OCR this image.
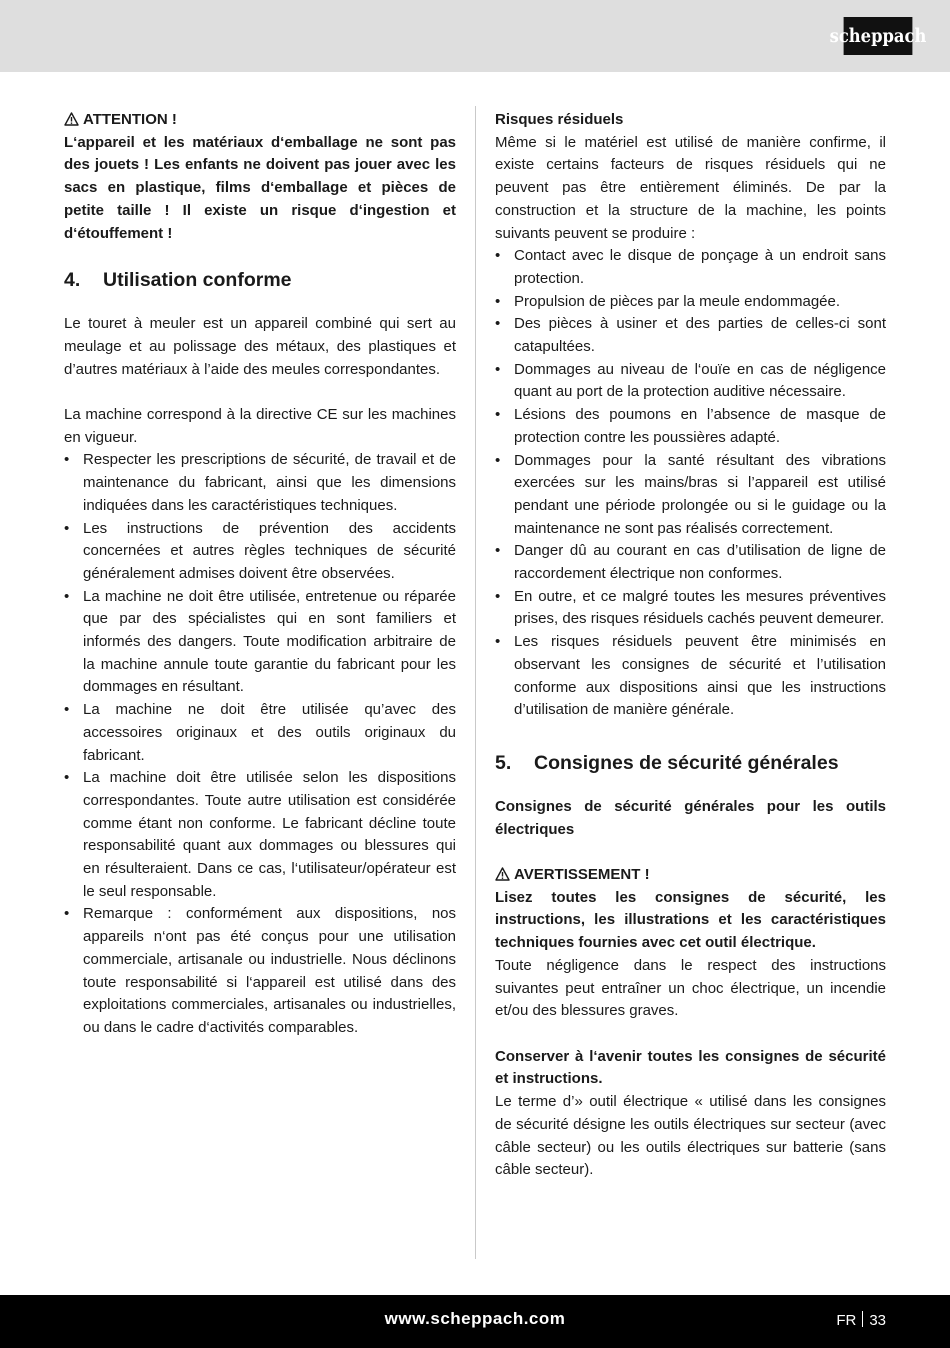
scheppach

ATTENTION !

L‘appareil et les matériaux d‘emballage ne sont pas des jouets ! Les enfants ne doivent pas jouer avec les sacs en plastique, films d‘emballage et pièces de petite taille ! Il existe un risque d‘ingestion et d‘étouffement !

4.	Utilisation conforme

Le touret à meuler est un appareil combiné qui sert au meulage et au polissage des métaux, des plastiques et d’autres matériaux à l’aide des meules correspondantes.

La machine correspond à la directive CE sur les machines en vigueur.

• Respecter les prescriptions de sécurité, de travail et de maintenance du fabricant, ainsi que les dimensions indiquées dans les caractéristiques techniques.
• Les instructions de prévention des accidents concernées et autres règles techniques de sécurité généralement admises doivent être observées.
• La machine ne doit être utilisée, entretenue ou réparée que par des spécialistes qui en sont familiers et informés des dangers. Toute modification arbitraire de la machine annule toute garantie du fabricant pour les dommages en résultant.
• La machine ne doit être utilisée qu’avec des accessoires originaux et des outils originaux du fabricant.
• La machine doit être utilisée selon les dispositions correspondantes. Toute autre utilisation est considérée comme étant non conforme. Le fabricant décline toute responsabilité quant aux dommages ou blessures qui en résulteraient. Dans ce cas, l‘utilisateur/opérateur est le seul responsable.
• Remarque : conformément aux dispositions, nos appareils n‘ont pas été conçus pour une utilisation commerciale, artisanale ou industrielle. Nous déclinons toute responsabilité si l‘appareil est utilisé dans des exploitations commerciales, artisanales ou industrielles, ou dans le cadre d‘activités comparables.

Risques résiduels

Même si le matériel est utilisé de manière confirme, il existe certains facteurs de risques résiduels qui ne peuvent pas être entièrement éliminés. De par la construction et la structure de la machine, les points suivants peuvent se produire :

• Contact avec le disque de ponçage à un endroit sans protection.
• Propulsion de pièces par la meule endommagée.
• Des pièces à usiner et des parties de celles-ci sont catapultées.
• Dommages au niveau de l‘ouïe en cas de négligence quant au port de la protection auditive nécessaire.
• Lésions des poumons en l’absence de masque de protection contre les poussières adapté.
• Dommages pour la santé résultant des vibrations exercées sur les mains/bras si l’appareil est utilisé pendant une période prolongée ou si le guidage ou la maintenance ne sont pas réalisés correctement.
• Danger dû au courant en cas d’utilisation de ligne de raccordement électrique non conformes.
• En outre, et ce malgré toutes les mesures préventives prises, des risques résiduels cachés peuvent demeurer.
• Les risques résiduels peuvent être minimisés en observant les consignes de sécurité et l’utilisation conforme aux dispositions ainsi que les instructions d’utilisation de manière générale.
5.	Consignes de sécurité générales

Consignes de sécurité générales pour les outils électriques

AVERTISSEMENT !

Lisez toutes les consignes de sécurité, les instructions, les illustrations et les caractéristiques techniques fournies avec cet outil électrique.

Toute négligence dans le respect des instructions suivantes peut entraîner un choc électrique, un incendie et/ou des blessures graves.

Conserver à l‘avenir toutes les consignes de sécurité et instructions.

Le terme d’» outil électrique « utilisé dans les consignes de sécurité désigne les outils électriques sur secteur (avec câble secteur) ou les outils électriques sur batterie (sans câble secteur).

www.scheppach.com	FR 33
